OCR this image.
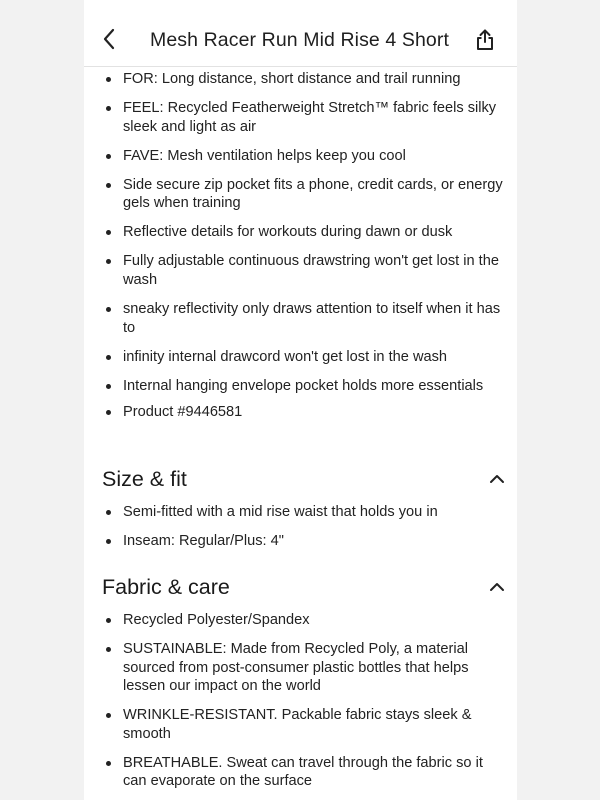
Mesh Racer Run Mid Rise 4 Short
FOR: Long distance, short distance and trail running
FEEL: Recycled Featherweight Stretch™ fabric feels silky sleek and light as air
FAVE: Mesh ventilation helps keep you cool
Side secure zip pocket fits a phone, credit cards, or energy gels when training
Reflective details for workouts during dawn or dusk
Fully adjustable continuous drawstring won't get lost in the wash
sneaky reflectivity only draws attention to itself when it has to
infinity internal drawcord won't get lost in the wash
Internal hanging envelope pocket holds more essentials
Product #9446581
Size & fit
Semi-fitted with a mid rise waist that holds you in
Inseam: Regular/Plus: 4"
Fabric & care
Recycled Polyester/Spandex
SUSTAINABLE: Made from Recycled Poly, a material sourced from post-consumer plastic bottles that helps lessen our impact on the world
WRINKLE-RESISTANT. Packable fabric stays sleek & smooth
BREATHABLE. Sweat can travel through the fabric so it can evaporate on the surface
